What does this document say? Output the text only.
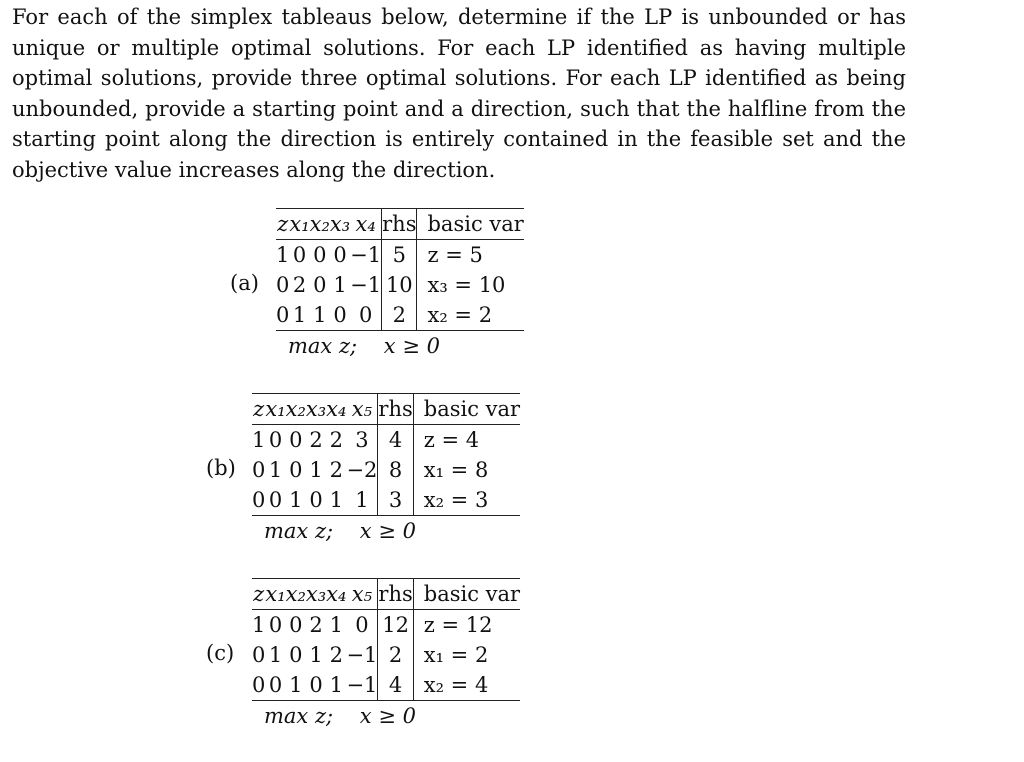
For each of the simplex tableaus below, determine if the LP is unbounded or has unique or multiple optimal solutions. For each LP identified as having multiple optimal solutions, provide three optimal solutions. For each LP identified as being unbounded, provide a starting point and a direction, such that the halfline from the starting point along the direction is entirely contained in the feasible set and the objective value increases along the direction.

(a)
z	x₁	x₂	x₃	x₄	rhs	basic var
1	0	0	0	−1	5	z = 5
0	2	0	1	−1	10	x₃ = 10
0	1	1	0	0	2	x₂ = 2
max z; x ≥ 0
(b)
z	x₁	x₂	x₃	x₄	x₅	rhs	basic var
1	0	0	2	2	3	4	z = 4
0	1	0	1	2	−2	8	x₁ = 8
0	0	1	0	1	1	3	x₂ = 3
max z; x ≥ 0
(c)
z	x₁	x₂	x₃	x₄	x₅	rhs	basic var
1	0	0	2	1	0	12	z = 12
0	1	0	1	2	−1	2	x₁ = 2
0	0	1	0	1	−1	4	x₂ = 4
max z; x ≥ 0
